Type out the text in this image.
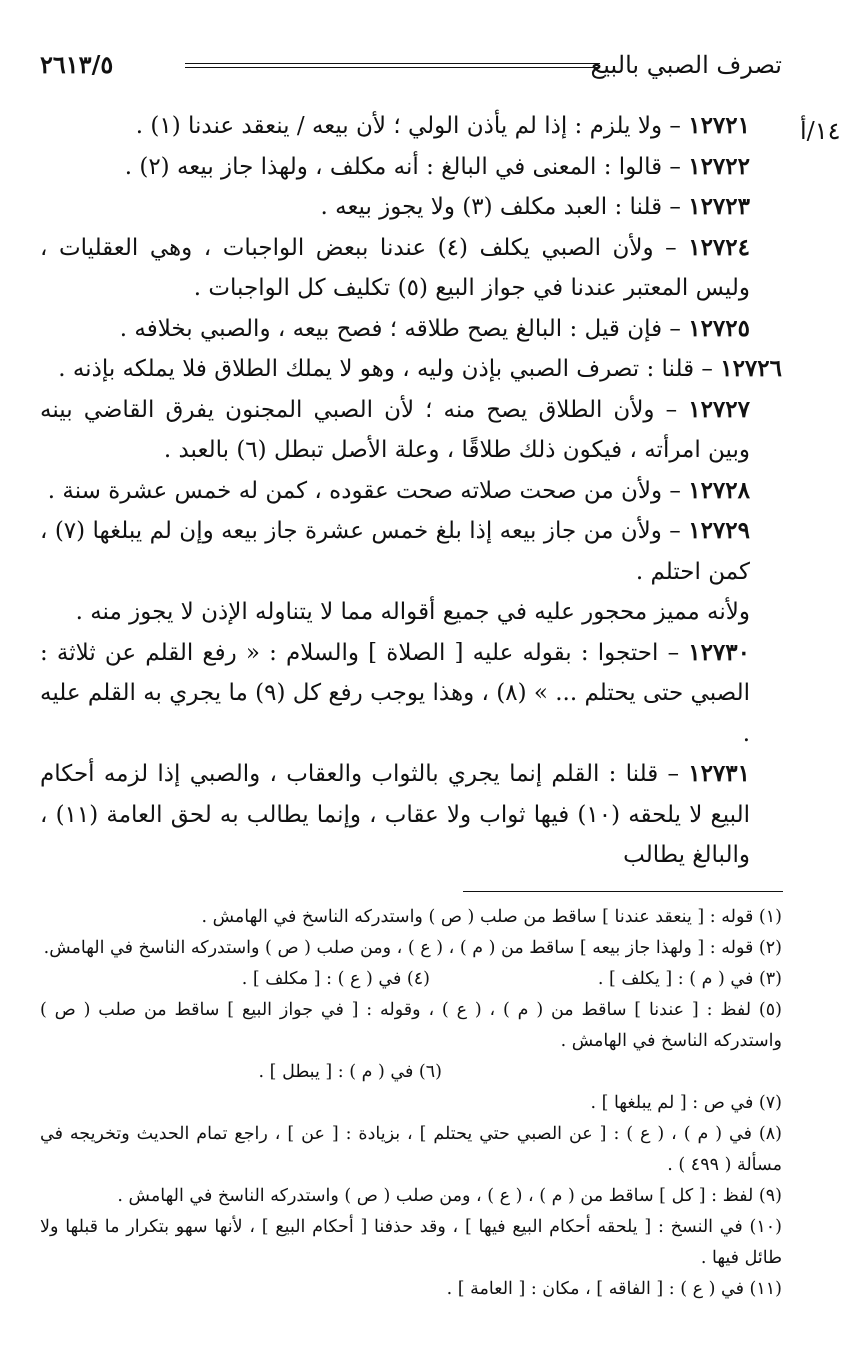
تصرف الصبي بالبيع
٢٦١٣/٥
١٤/أ

١٢٧٢١ – ولا يلزم : إذا لم يأذن الولي ؛ لأن بيعه / ينعقد عندنا (١) .

١٢٧٢٢ – قالوا : المعنى في البالغ : أنه مكلف ، ولهذا جاز بيعه (٢) .

١٢٧٢٣ – قلنا : العبد مكلف (٣) ولا يجوز بيعه .

١٢٧٢٤ – ولأن الصبي يكلف (٤) عندنا ببعض الواجبات ، وهي العقليات ، وليس المعتبر عندنا في جواز البيع (٥) تكليف كل الواجبات .

١٢٧٢٥ – فإن قيل : البالغ يصح طلاقه ؛ فصح بيعه ، والصبي بخلافه .

١٢٧٢٦ – قلنا : تصرف الصبي بإذن وليه ، وهو لا يملك الطلاق فلا يملكه بإذنه .

١٢٧٢٧ – ولأن الطلاق يصح منه ؛ لأن الصبي المجنون يفرق القاضي بينه وبين امرأته ، فيكون ذلك طلاقًا ، وعلة الأصل تبطل (٦) بالعبد .

١٢٧٢٨ – ولأن من صحت صلاته صحت عقوده ، كمن له خمس عشرة سنة .

١٢٧٢٩ – ولأن من جاز بيعه إذا بلغ خمس عشرة جاز بيعه وإن لم يبلغها (٧) ، كمن احتلم .

ولأنه مميز محجور عليه في جميع أقواله مما لا يتناوله الإذن لا يجوز منه .

١٢٧٣٠ – احتجوا : بقوله عليه [ الصلاة ] والسلام : « رفع القلم عن ثلاثة : الصبي حتى يحتلم ... » (٨) ، وهذا يوجب رفع كل (٩) ما يجري به القلم عليه .

١٢٧٣١ – قلنا : القلم إنما يجري بالثواب والعقاب ، والصبي إذا لزمه أحكام البيع لا يلحقه (١٠) فيها ثواب ولا عقاب ، وإنما يطالب به لحق العامة (١١) ، والبالغ يطالب

(١) قوله : [ ينعقد عندنا ] ساقط من صلب ( ص ) واستدركه الناسخ في الهامش .

(٢) قوله : [ ولهذا جاز بيعه ] ساقط من ( م ) ، ( ع ) ، ومن صلب ( ص ) واستدركه الناسخ في الهامش.

(٣) في ( م ) : [ يكلف ] .
(٤) في ( ع ) : [ مكلف ] .

(٥) لفظ : [ عندنا ] ساقط من ( م ) ، ( ع ) ، وقوله : [ في جواز البيع ] ساقط من صلب ( ص ) واستدركه الناسخ في الهامش .

(٦) في ( م ) : [ يبطل ] .

(٧) في ص : [ لم يبلغها ] .

(٨) في ( م ) ، ( ع ) : [ عن الصبي حتي يحتلم ] ، بزيادة : [ عن ] ، راجع تمام الحديث وتخريجه في مسألة ( ٤٩٩ ) .

(٩) لفظ : [ كل ] ساقط من ( م ) ، ( ع ) ، ومن صلب ( ص ) واستدركه الناسخ في الهامش .

(١٠) في النسخ : [ يلحقه أحكام البيع فيها ] ، وقد حذفنا [ أحكام البيع ] ، لأنها سهو بتكرار ما قبلها ولا طائل فيها .

(١١) في ( ع ) : [ الفاقه ] ، مكان : [ العامة ] .
